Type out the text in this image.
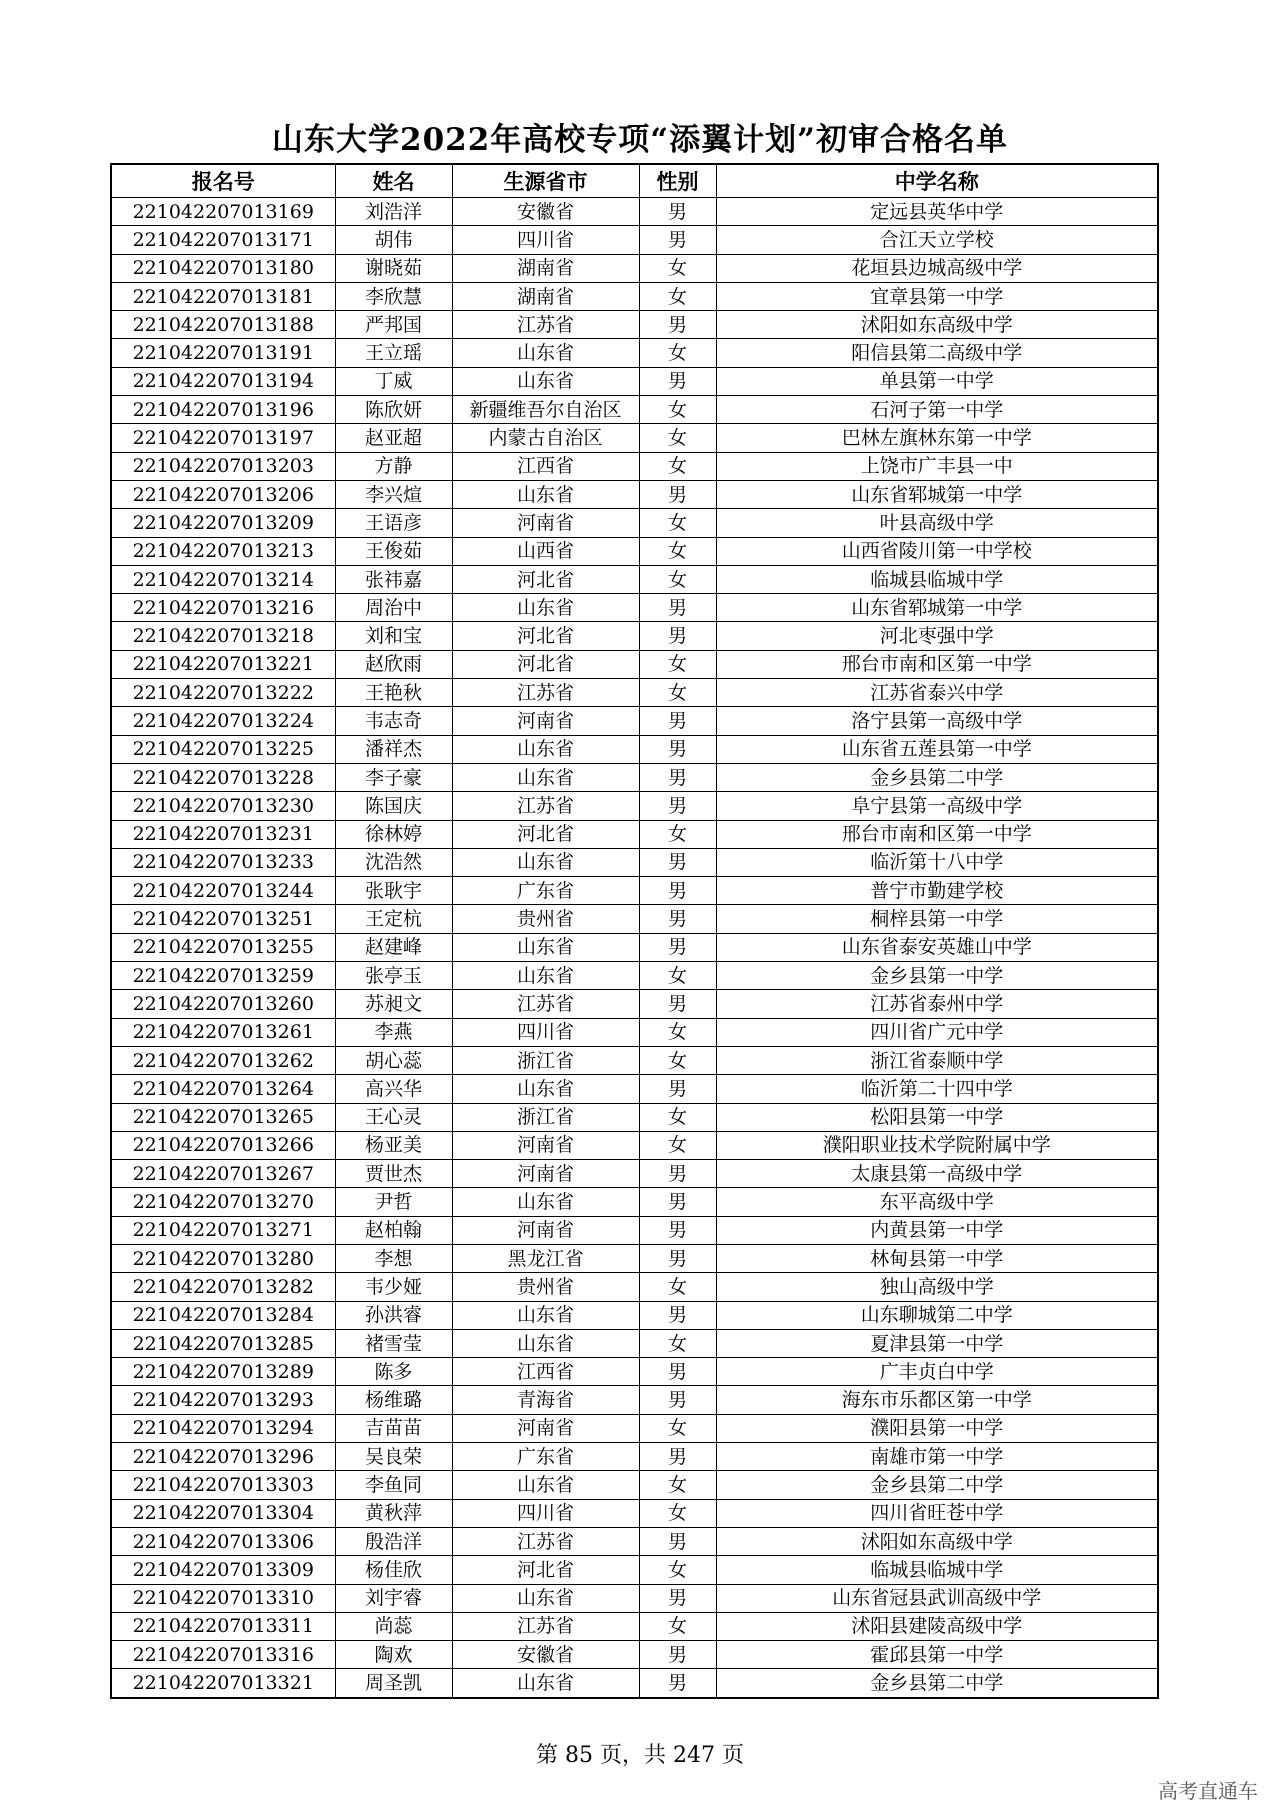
山东大学2022年高校专项“添翼计划”初审合格名单
报名号	姓名	生源省市	性别	中学名称
221042207013169	刘浩洋	安徽省	男	定远县英华中学
221042207013171	胡伟	四川省	男	合江天立学校
221042207013180	谢晓茹	湖南省	女	花垣县边城高级中学
221042207013181	李欣慧	湖南省	女	宜章县第一中学
221042207013188	严邦国	江苏省	男	沭阳如东高级中学
221042207013191	王立瑶	山东省	女	阳信县第二高级中学
221042207013194	丁威	山东省	男	单县第一中学
221042207013196	陈欣妍	新疆维吾尔自治区	女	石河子第一中学
221042207013197	赵亚超	内蒙古自治区	女	巴林左旗林东第一中学
221042207013203	方静	江西省	女	上饶市广丰县一中
221042207013206	李兴煊	山东省	男	山东省郓城第一中学
221042207013209	王语彦	河南省	女	叶县高级中学
221042207013213	王俊茹	山西省	女	山西省陵川第一中学校
221042207013214	张祎嘉	河北省	女	临城县临城中学
221042207013216	周治中	山东省	男	山东省郓城第一中学
221042207013218	刘和宝	河北省	男	河北枣强中学
221042207013221	赵欣雨	河北省	女	邢台市南和区第一中学
221042207013222	王艳秋	江苏省	女	江苏省泰兴中学
221042207013224	韦志奇	河南省	男	洛宁县第一高级中学
221042207013225	潘祥杰	山东省	男	山东省五莲县第一中学
221042207013228	李子豪	山东省	男	金乡县第二中学
221042207013230	陈国庆	江苏省	男	阜宁县第一高级中学
221042207013231	徐林婷	河北省	女	邢台市南和区第一中学
221042207013233	沈浩然	山东省	男	临沂第十八中学
221042207013244	张耿宇	广东省	男	普宁市勤建学校
221042207013251	王定杭	贵州省	男	桐梓县第一中学
221042207013255	赵建峰	山东省	男	山东省泰安英雄山中学
221042207013259	张亭玉	山东省	女	金乡县第一中学
221042207013260	苏昶文	江苏省	男	江苏省泰州中学
221042207013261	李燕	四川省	女	四川省广元中学
221042207013262	胡心蕊	浙江省	女	浙江省泰顺中学
221042207013264	高兴华	山东省	男	临沂第二十四中学
221042207013265	王心灵	浙江省	女	松阳县第一中学
221042207013266	杨亚美	河南省	女	濮阳职业技术学院附属中学
221042207013267	贾世杰	河南省	男	太康县第一高级中学
221042207013270	尹哲	山东省	男	东平高级中学
221042207013271	赵柏翰	河南省	男	内黄县第一中学
221042207013280	李想	黑龙江省	男	林甸县第一中学
221042207013282	韦少娅	贵州省	女	独山高级中学
221042207013284	孙洪睿	山东省	男	山东聊城第二中学
221042207013285	褚雪莹	山东省	女	夏津县第一中学
221042207013289	陈多	江西省	男	广丰贞白中学
221042207013293	杨维璐	青海省	男	海东市乐都区第一中学
221042207013294	吉苗苗	河南省	女	濮阳县第一中学
221042207013296	吴良荣	广东省	男	南雄市第一中学
221042207013303	李鱼同	山东省	女	金乡县第二中学
221042207013304	黄秋萍	四川省	女	四川省旺苍中学
221042207013306	殷浩洋	江苏省	男	沭阳如东高级中学
221042207013309	杨佳欣	河北省	女	临城县临城中学
221042207013310	刘宇睿	山东省	男	山东省冠县武训高级中学
221042207013311	尚蕊	江苏省	女	沭阳县建陵高级中学
221042207013316	陶欢	安徽省	男	霍邱县第一中学
221042207013321	周圣凯	山东省	男	金乡县第二中学
第 85 页，共 247 页
高考直通车
